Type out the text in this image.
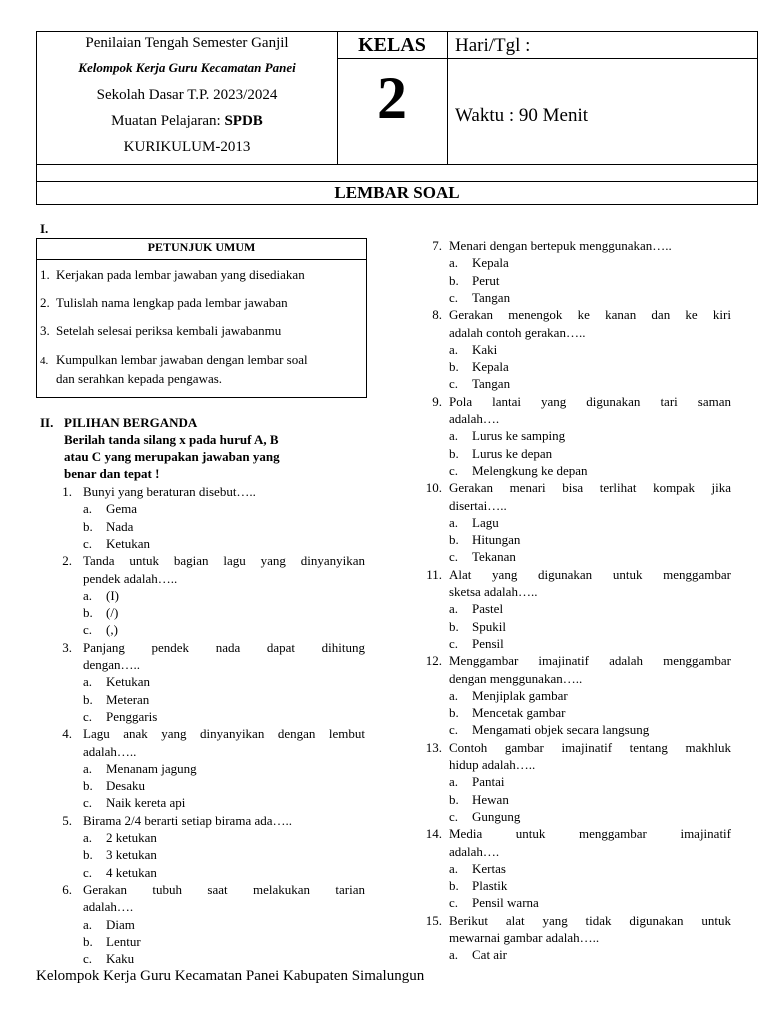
Penilaian Tengah Semester Ganjil
Kelompok Kerja Guru Kecamatan Panei
Sekolah Dasar T.P. 2023/2024
Muatan Pelajaran: SPDB
KURIKULUM-2013
KELAS
2
Hari/Tgl :
Waktu : 90 Menit
LEMBAR SOAL
I.
PETUNJUK UMUM
1. Kerjakan pada lembar jawaban yang disediakan
2. Tulislah nama lengkap pada lembar jawaban
3. Setelah selesai periksa kembali jawabanmu
4. Kumpulkan lembar jawaban dengan lembar soal
dan serahkan kepada pengawas.
II. PILIHAN BERGANDA
Berilah tanda silang x pada huruf A, B
atau C yang merupakan jawaban yang
benar dan tepat !
1. Bunyi yang beraturan disebut…..
a. Gema
b. Nada
c. Ketukan
2. Tanda untuk bagian lagu yang dinyanyikan
pendek adalah…..
a. (I)
b. (/)
c. (,)
3. Panjang pendek nada dapat dihitung
dengan…..
a. Ketukan
b. Meteran
c. Penggaris
4. Lagu anak yang dinyanyikan dengan lembut
adalah…..
a. Menanam jagung
b. Desaku
c. Naik kereta api
5. Birama 2/4 berarti setiap birama ada…..
a. 2 ketukan
b. 3 ketukan
c. 4 ketukan
6. Gerakan tubuh saat melakukan tarian
adalah….
a. Diam
b. Lentur
c. Kaku
7. Menari dengan bertepuk menggunakan…..
a. Kepala
b. Perut
c. Tangan
8. Gerakan menengok ke kanan dan ke kiri
adalah contoh gerakan…..
a. Kaki
b. Kepala
c. Tangan
9. Pola lantai yang digunakan tari saman
adalah….
a. Lurus ke samping
b. Lurus ke depan
c. Melengkung ke depan
10. Gerakan menari bisa terlihat kompak jika
disertai…..
a. Lagu
b. Hitungan
c. Tekanan
11. Alat yang digunakan untuk menggambar
sketsa adalah…..
a. Pastel
b. Spukil
c. Pensil
12. Menggambar imajinatif adalah menggambar
dengan menggunakan…..
a. Menjiplak gambar
b. Mencetak gambar
c. Mengamati objek secara langsung
13. Contoh gambar imajinatif tentang makhluk
hidup adalah…..
a. Pantai
b. Hewan
c. Gungung
14. Media untuk menggambar imajinatif
adalah….
a. Kertas
b. Plastik
c. Pensil warna
15. Berikut alat yang tidak digunakan untuk
mewarnai gambar adalah…..
a. Cat air
Kelompok Kerja Guru Kecamatan Panei Kabupaten Simalungun
